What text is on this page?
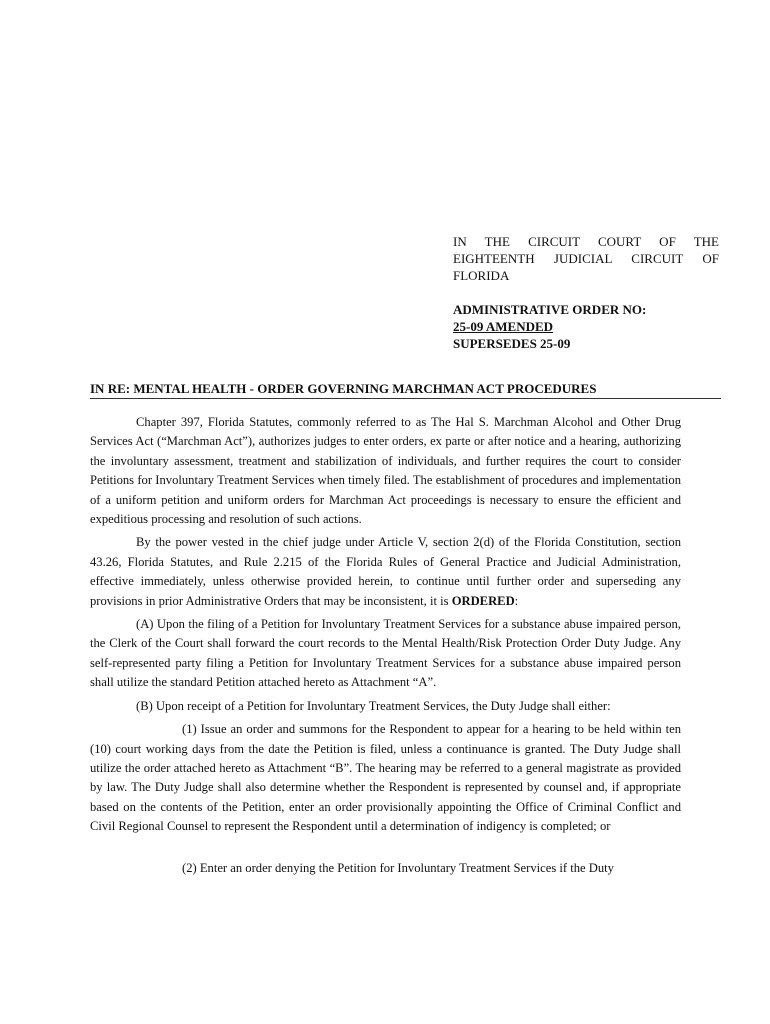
IN THE CIRCUIT COURT OF THE EIGHTEENTH JUDICIAL CIRCUIT OF FLORIDA
ADMINISTRATIVE ORDER NO:
25-09 AMENDED
SUPERSEDES 25-09
IN RE: MENTAL HEALTH - ORDER GOVERNING MARCHMAN ACT PROCEDURES

Chapter 397, Florida Statutes, commonly referred to as The Hal S. Marchman Alcohol and Other Drug Services Act (“Marchman Act”), authorizes judges to enter orders, ex parte or after notice and a hearing, authorizing the involuntary assessment, treatment and stabilization of individuals, and further requires the court to consider Petitions for Involuntary Treatment Services when timely filed. The establishment of procedures and implementation of a uniform petition and uniform orders for Marchman Act proceedings is necessary to ensure the efficient and expeditious processing and resolution of such actions.

By the power vested in the chief judge under Article V, section 2(d) of the Florida Constitution, section 43.26, Florida Statutes, and Rule 2.215 of the Florida Rules of General Practice and Judicial Administration, effective immediately, unless otherwise provided herein, to continue until further order and superseding any provisions in prior Administrative Orders that may be inconsistent, it is ORDERED:

(A) Upon the filing of a Petition for Involuntary Treatment Services for a substance abuse impaired person, the Clerk of the Court shall forward the court records to the Mental Health/Risk Protection Order Duty Judge. Any self-represented party filing a Petition for Involuntary Treatment Services for a substance abuse impaired person shall utilize the standard Petition attached hereto as Attachment “A”.

(B) Upon receipt of a Petition for Involuntary Treatment Services, the Duty Judge shall either:

(1) Issue an order and summons for the Respondent to appear for a hearing to be held within ten (10) court working days from the date the Petition is filed, unless a continuance is granted. The Duty Judge shall utilize the order attached hereto as Attachment “B”. The hearing may be referred to a general magistrate as provided by law. The Duty Judge shall also determine whether the Respondent is represented by counsel and, if appropriate based on the contents of the Petition, enter an order provisionally appointing the Office of Criminal Conflict and Civil Regional Counsel to represent the Respondent until a determination of indigency is completed; or

(2) Enter an order denying the Petition for Involuntary Treatment Services if the Duty
